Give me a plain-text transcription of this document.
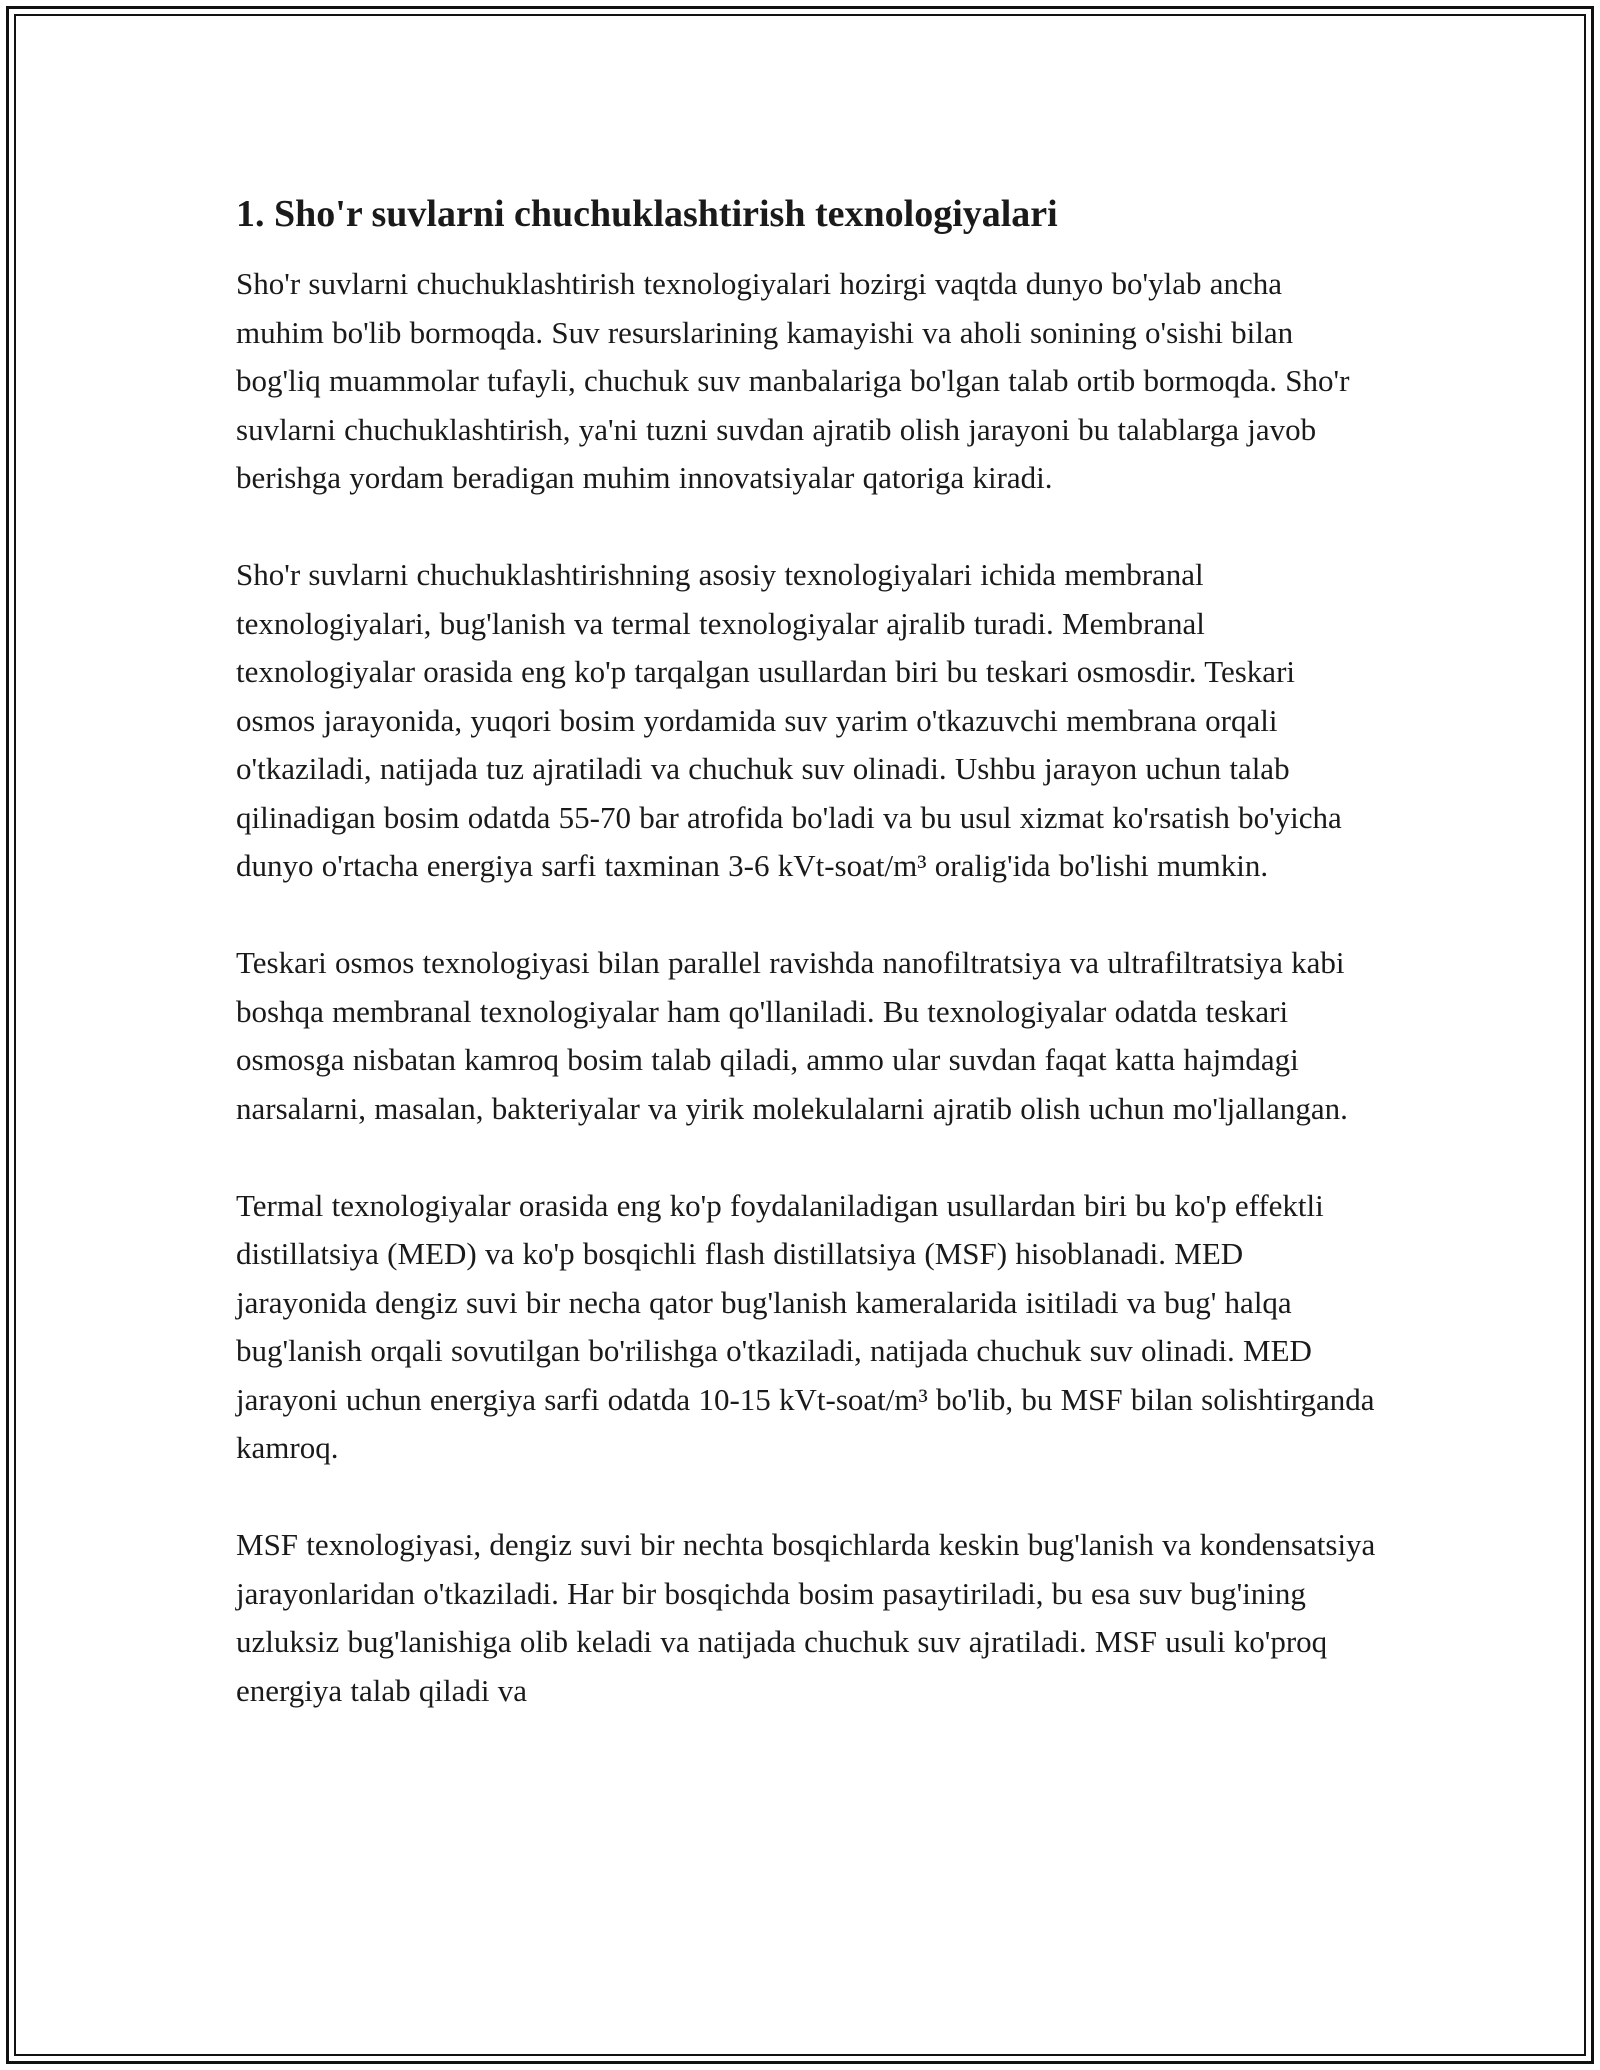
1. Sho'r suvlarni chuchuklashtirish texnologiyalari

Sho'r suvlarni chuchuklashtirish texnologiyalari hozirgi vaqtda dunyo bo'ylab ancha muhim bo'lib bormoqda. Suv resurslarining kamayishi va aholi sonining o'sishi bilan bog'liq muammolar tufayli, chuchuk suv manbalariga bo'lgan talab ortib bormoqda. Sho'r suvlarni chuchuklashtirish, ya'ni tuzni suvdan ajratib olish jarayoni bu talablarga javob berishga yordam beradigan muhim innovatsiyalar qatoriga kiradi.

Sho'r suvlarni chuchuklashtirishning asosiy texnologiyalari ichida membranal texnologiyalari, bug'lanish va termal texnologiyalar ajralib turadi. Membranal texnologiyalar orasida eng ko'p tarqalgan usullardan biri bu teskari osmosdir. Teskari osmos jarayonida, yuqori bosim yordamida suv yarim o'tkazuvchi membrana orqali o'tkaziladi, natijada tuz ajratiladi va chuchuk suv olinadi. Ushbu jarayon uchun talab qilinadigan bosim odatda 55-70 bar atrofida bo'ladi va bu usul xizmat ko'rsatish bo'yicha dunyo o'rtacha energiya sarfi taxminan 3-6 kVt-soat/m³ oralig'ida bo'lishi mumkin.

Teskari osmos texnologiyasi bilan parallel ravishda nanofiltratsiya va ultrafiltratsiya kabi boshqa membranal texnologiyalar ham qo'llaniladi. Bu texnologiyalar odatda teskari osmosga nisbatan kamroq bosim talab qiladi, ammo ular suvdan faqat katta hajmdagi narsalarni, masalan, bakteriyalar va yirik molekulalarni ajratib olish uchun mo'ljallangan.

Termal texnologiyalar orasida eng ko'p foydalaniladigan usullardan biri bu ko'p effektli distillatsiya (MED) va ko'p bosqichli flash distillatsiya (MSF) hisoblanadi. MED jarayonida dengiz suvi bir necha qator bug'lanish kameralarida isitiladi va bug' halqa bug'lanish orqali sovutilgan bo'rilishga o'tkaziladi, natijada chuchuk suv olinadi. MED jarayoni uchun energiya sarfi odatda 10-15 kVt-soat/m³ bo'lib, bu MSF bilan solishtirganda kamroq.

MSF texnologiyasi, dengiz suvi bir nechta bosqichlarda keskin bug'lanish va kondensatsiya jarayonlaridan o'tkaziladi. Har bir bosqichda bosim pasaytiriladi, bu esa suv bug'ining uzluksiz bug'lanishiga olib keladi va natijada chuchuk suv ajratiladi. MSF usuli ko'proq energiya talab qiladi va
